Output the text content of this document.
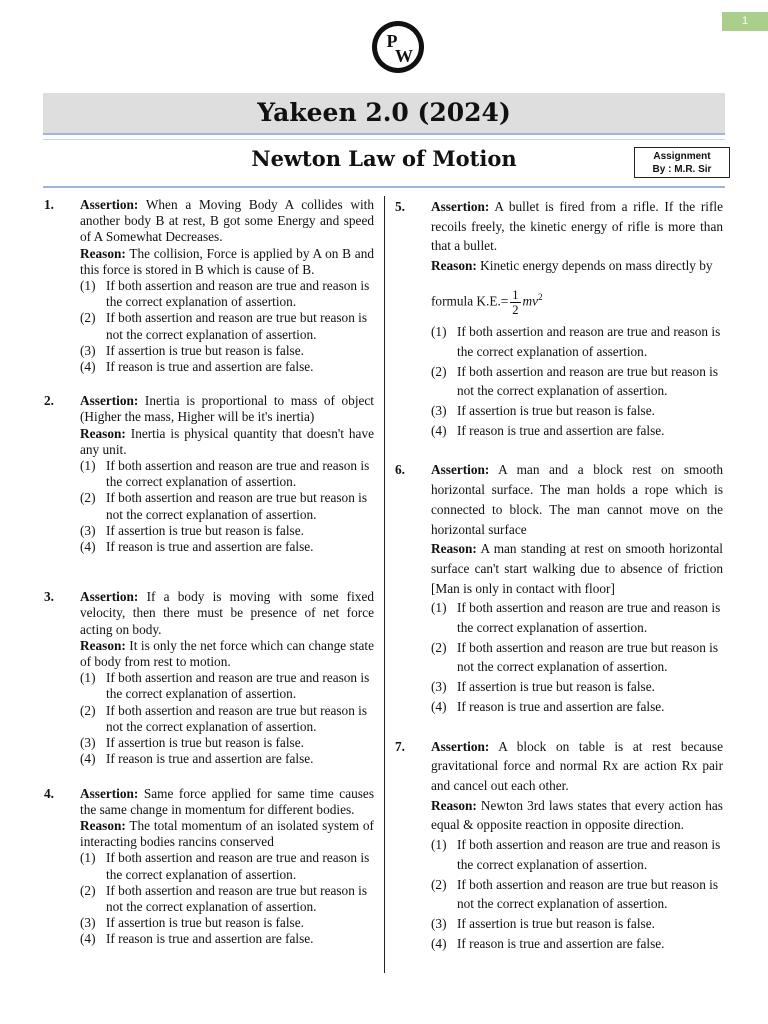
1
P
W
Yakeen 2.0 (2024)
Newton Law of Motion	Assignment
By : M.R. Sir
1. Assertion: When a Moving Body A collides with another body B at rest, B got some Energy and speed of A Somewhat Decreases.
Reason: The collision, Force is applied by A on B and this force is stored in B which is cause of B.
(1) If both assertion and reason are true and reason is the correct explanation of assertion.
(2) If both assertion and reason are true but reason is not the correct explanation of assertion.
(3) If assertion is true but reason is false.
(4) If reason is true and assertion are false.
2. Assertion: Inertia is proportional to mass of object (Higher the mass, Higher will be it's inertia)
Reason: Inertia is physical quantity that doesn't have any unit.
(1) If both assertion and reason are true and reason is the correct explanation of assertion.
(2) If both assertion and reason are true but reason is not the correct explanation of assertion.
(3) If assertion is true but reason is false.
(4) If reason is true and assertion are false.
3. Assertion: If a body is moving with some fixed velocity, then there must be presence of net force acting on body.
Reason: It is only the net force which can change state of body from rest to motion.
(1) If both assertion and reason are true and reason is the correct explanation of assertion.
(2) If both assertion and reason are true but reason is not the correct explanation of assertion.
(3) If assertion is true but reason is false.
(4) If reason is true and assertion are false.
4. Assertion: Same force applied for same time causes the same change in momentum for different bodies.
Reason: The total momentum of an isolated system of interacting bodies rancins conserved
(1) If both assertion and reason are true and reason is the correct explanation of assertion.
(2) If both assertion and reason are true but reason is not the correct explanation of assertion.
(3) If assertion is true but reason is false.
(4) If reason is true and assertion are false.
5. Assertion: A bullet is fired from a rifle. If the rifle recoils freely, the kinetic energy of rifle is more than that a bullet.
Reason: Kinetic energy depends on mass directly by
formula $K.E.= \frac{1}{2} mv^2$
(1) If both assertion and reason are true and reason is the correct explanation of assertion.
(2) If both assertion and reason are true but reason is not the correct explanation of assertion.
(3) If assertion is true but reason is false.
(4) If reason is true and assertion are false.
6. Assertion: A man and a block rest on smooth horizontal surface. The man holds a rope which is connected to block. The man cannot move on the horizontal surface
Reason: A man standing at rest on smooth horizontal surface can't start walking due to absence of friction [Man is only in contact with floor]
(1) If both assertion and reason are true and reason is the correct explanation of assertion.
(2) If both assertion and reason are true but reason is not the correct explanation of assertion.
(3) If assertion is true but reason is false.
(4) If reason is true and assertion are false.
7. Assertion: A block on table is at rest because gravitational force and normal Rx are action Rx pair and cancel out each other.
Reason: Newton 3rd laws states that every action has equal & opposite reaction in opposite direction.
(1) If both assertion and reason are true and reason is the correct explanation of assertion.
(2) If both assertion and reason are true but reason is not the correct explanation of assertion.
(3) If assertion is true but reason is false.
(4) If reason is true and assertion are false.
